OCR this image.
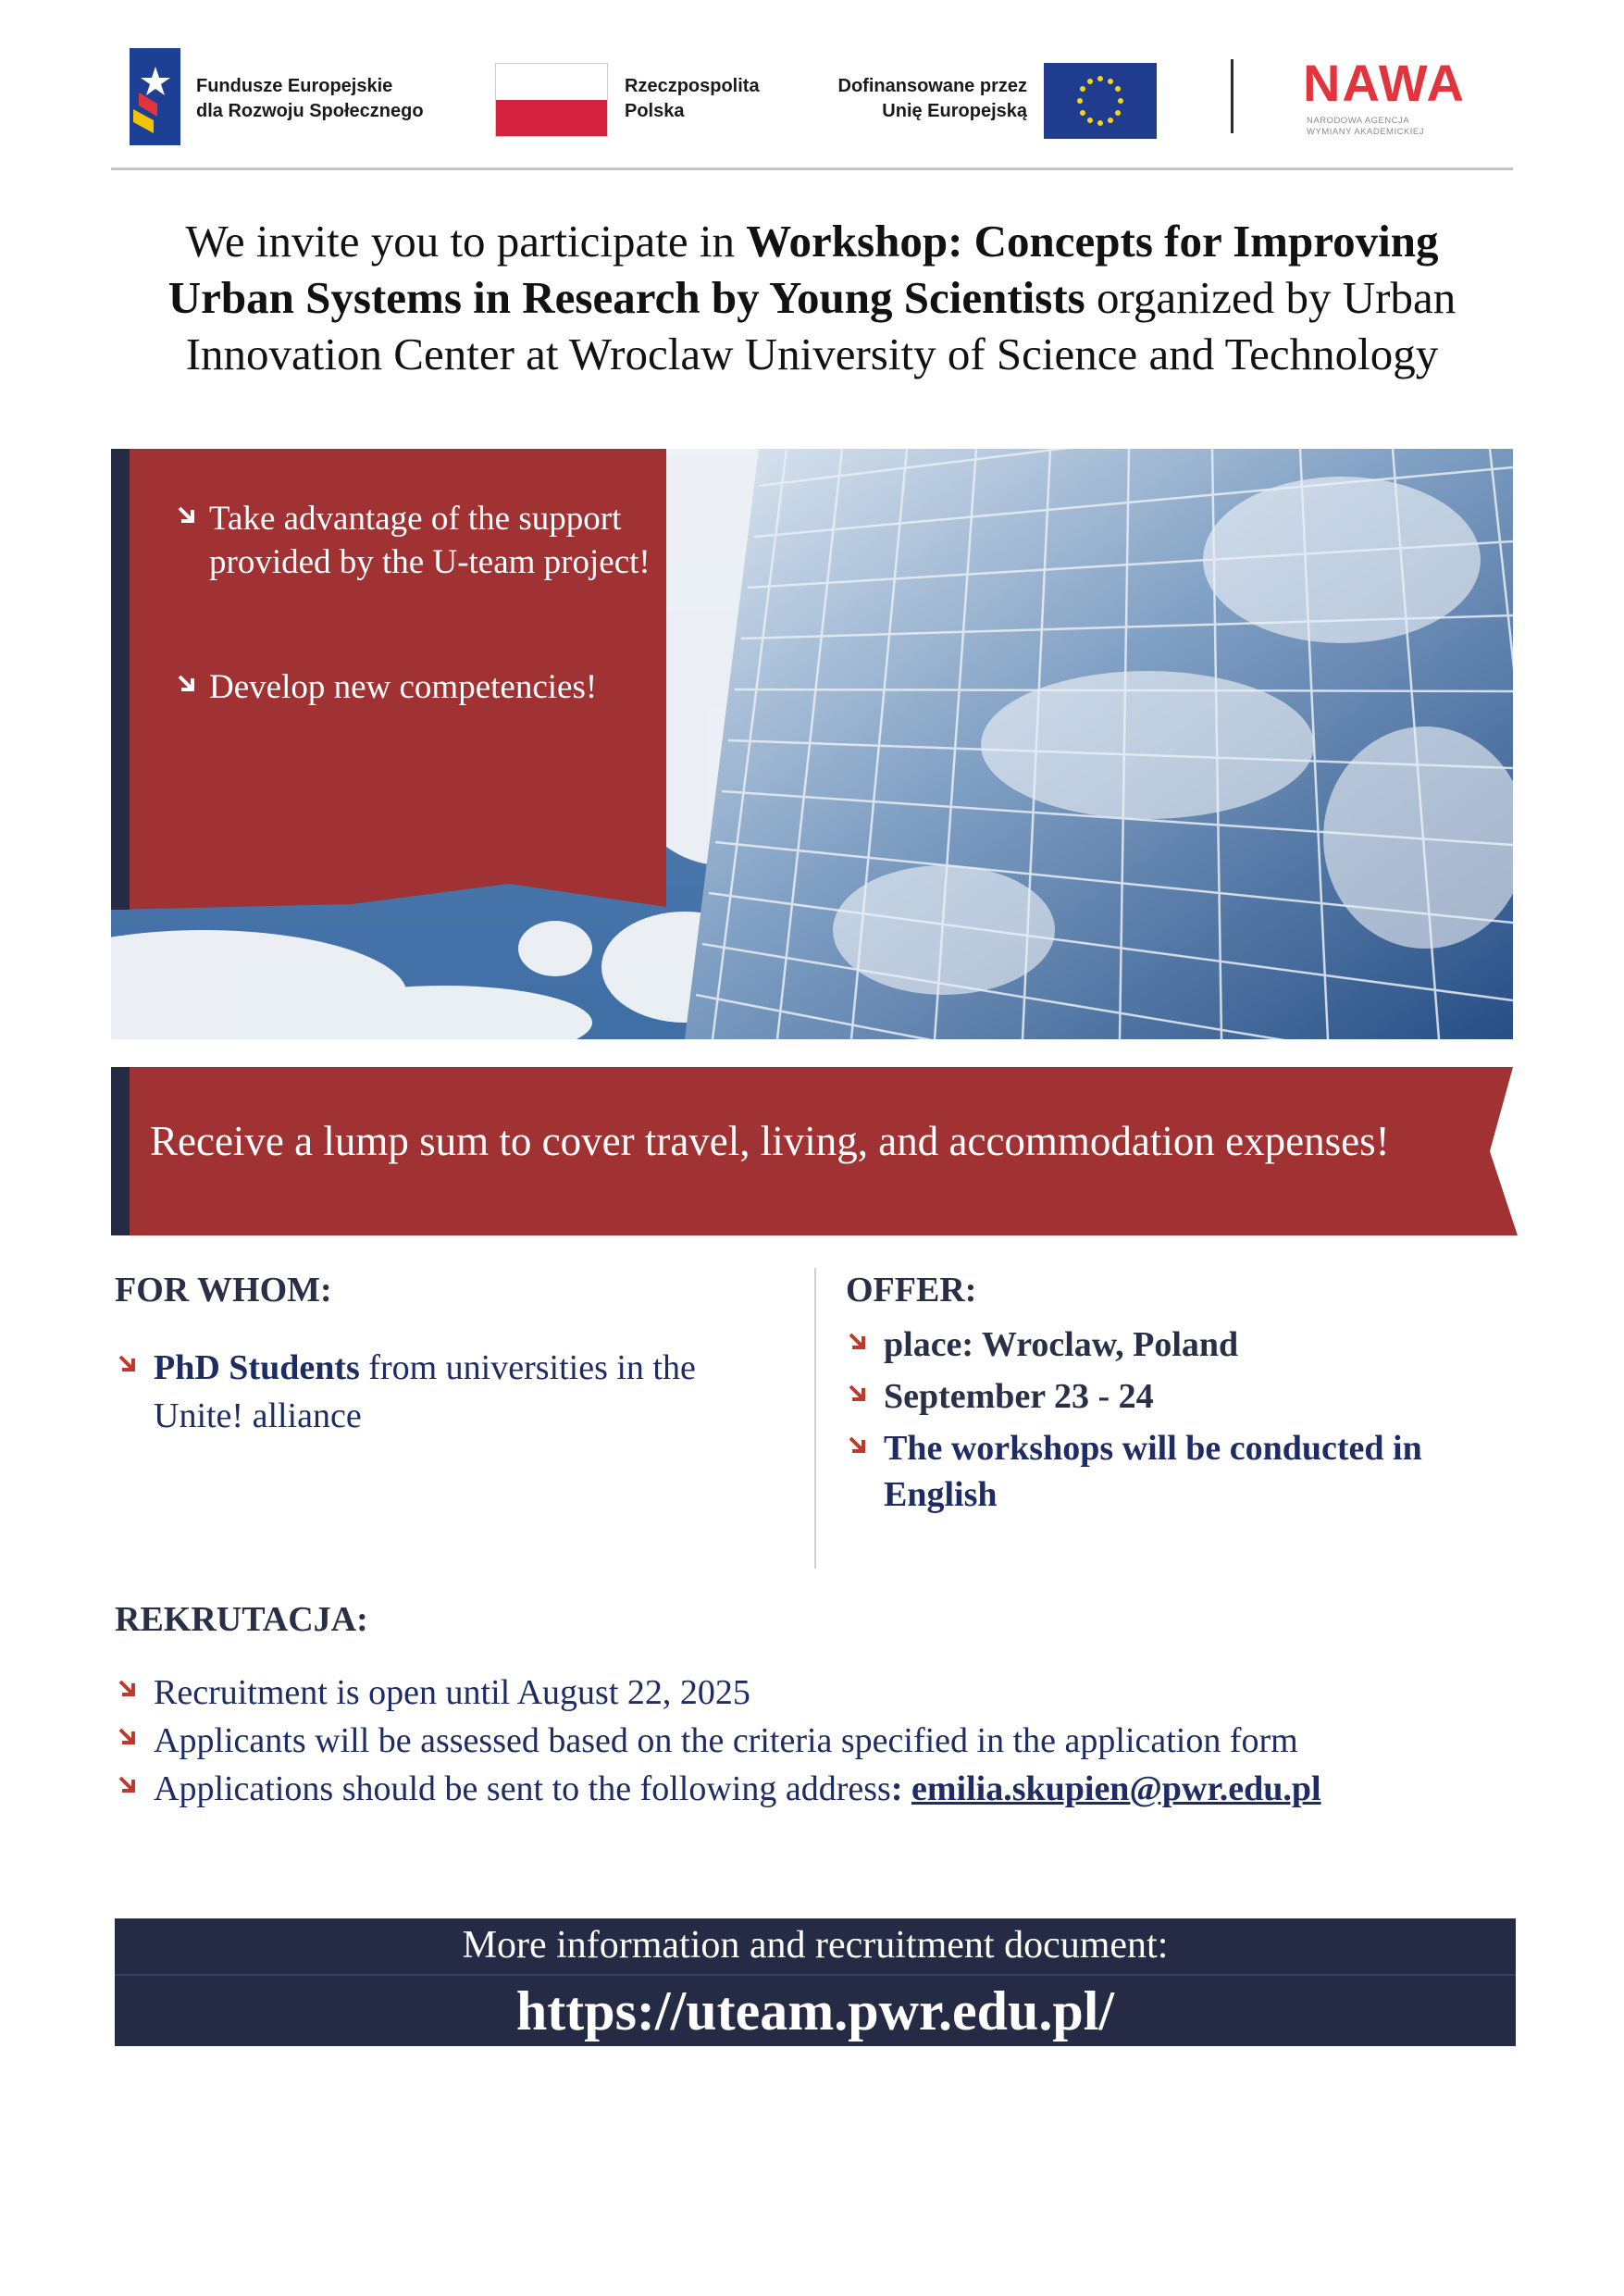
Fundusze Europejskie
dla Rozwoju Społecznego
Rzeczpospolita
Polska
Dofinansowane przez
Unię Europejską	NAWA
NARODOWA AGENCJA
WYMIANY AKADEMICKIEJ
We invite you to participate in Workshop: Concepts for Improving Urban Systems in Research by Young Scientists organized by Urban Innovation Center at Wroclaw University of Science and Technology
Take advantage of the support provided by the U-team project!
Develop new competencies!
Receive a lump sum to cover travel, living, and accommodation expenses!
FOR WHOM:
PhD Students from universities in the Unite! alliance
OFFER:
place: Wroclaw, Poland
September 23 - 24
The workshops will be conducted in English
REKRUTACJA:
Recruitment is open until August 22, 2025
Applicants will be assessed based on the criteria specified in the application form
Applications should be sent to the following address: emilia.skupien@pwr.edu.pl
More information and recruitment document:
https://uteam.pwr.edu.pl/
